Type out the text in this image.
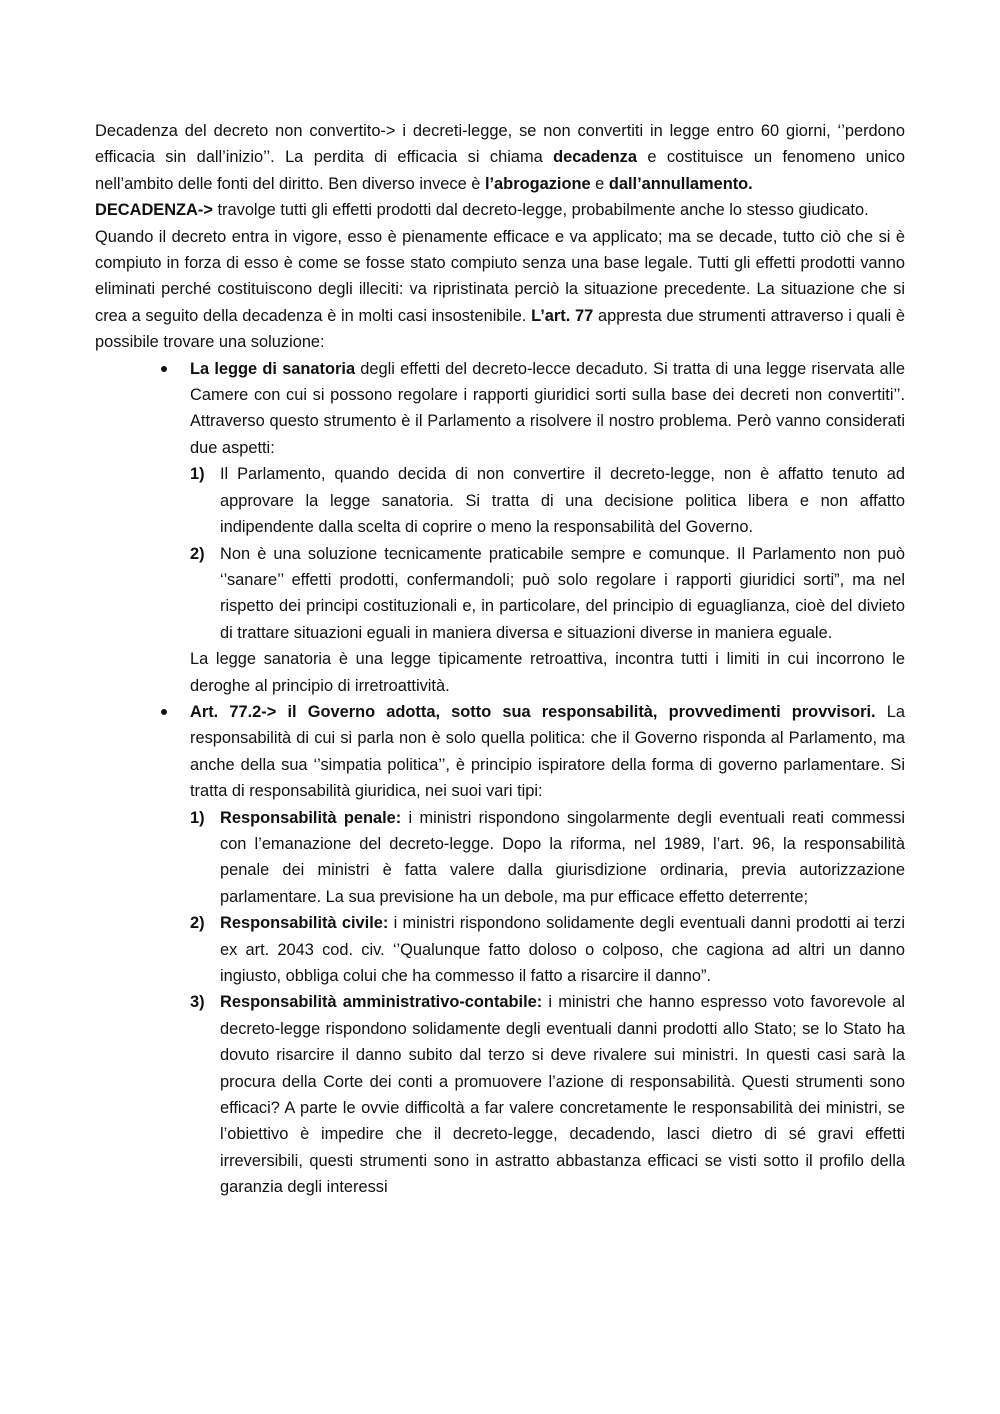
Decadenza del decreto non convertito-> i decreti-legge, se non convertiti in legge entro 60 giorni, ‘’perdono efficacia sin dall’inizio’’. La perdita di efficacia si chiama decadenza e costituisce un fenomeno unico nell’ambito delle fonti del diritto. Ben diverso invece è l’abrogazione e dall’annullamento.

DECADENZA-> travolge tutti gli effetti prodotti dal decreto-legge, probabilmente anche lo stesso giudicato.

Quando il decreto entra in vigore, esso è pienamente efficace e va applicato; ma se decade, tutto ciò che si è compiuto in forza di esso è come se fosse stato compiuto senza una base legale. Tutti gli effetti prodotti vanno eliminati perché costituiscono degli illeciti: va ripristinata perciò la situazione precedente. La situazione che si crea a seguito della decadenza è in molti casi insostenibile. L’art. 77 appresta due strumenti attraverso i quali è possibile trovare una soluzione:

La legge di sanatoria degli effetti del decreto-lecce decaduto. Si tratta di una legge riservata alle Camere con cui si possono regolare i rapporti giuridici sorti sulla base dei decreti non convertiti’’. Attraverso questo strumento è il Parlamento a risolvere il nostro problema. Però vanno considerati due aspetti:

1) Il Parlamento, quando decida di non convertire il decreto-legge, non è affatto tenuto ad approvare la legge sanatoria. Si tratta di una decisione politica libera e non affatto indipendente dalla scelta di coprire o meno la responsabilità del Governo.
2) Non è una soluzione tecnicamente praticabile sempre e comunque. Il Parlamento non può ‘’sanare’’ effetti prodotti, confermandoli; può solo regolare i rapporti giuridici sorti”, ma nel rispetto dei principi costituzionali e, in particolare, del principio di eguaglianza, cioè del divieto di trattare situazioni eguali in maniera diversa e situazioni diverse in maniera eguale.

La legge sanatoria è una legge tipicamente retroattiva, incontra tutti i limiti in cui incorrono le deroghe al principio di irretroattività.

Art. 77.2-> il Governo adotta, sotto sua responsabilità, provvedimenti provvisori. La responsabilità di cui si parla non è solo quella politica: che il Governo risponda al Parlamento, ma anche della sua ‘’simpatia politica’’, è principio ispiratore della forma di governo parlamentare. Si tratta di responsabilità giuridica, nei suoi vari tipi:

1) Responsabilità penale: i ministri rispondono singolarmente degli eventuali reati commessi con l’emanazione del decreto-legge. Dopo la riforma, nel 1989, l’art. 96, la responsabilità penale dei ministri è fatta valere dalla giurisdizione ordinaria, previa autorizzazione parlamentare. La sua previsione ha un debole, ma pur efficace effetto deterrente;
2) Responsabilità civile: i ministri rispondono solidamente degli eventuali danni prodotti ai terzi ex art. 2043 cod. civ. ‘’Qualunque fatto doloso o colposo, che cagiona ad altri un danno ingiusto, obbliga colui che ha commesso il fatto a risarcire il danno”.
3) Responsabilità amministrativo-contabile: i ministri che hanno espresso voto favorevole al decreto-legge rispondono solidamente degli eventuali danni prodotti allo Stato; se lo Stato ha dovuto risarcire il danno subito dal terzo si deve rivalere sui ministri. In questi casi sarà la procura della Corte dei conti a promuovere l’azione di responsabilità. Questi strumenti sono efficaci? A parte le ovvie difficoltà a far valere concretamente le responsabilità dei ministri, se l’obiettivo è impedire che il decreto-legge, decadendo, lasci dietro di sé gravi effetti irreversibili, questi strumenti sono in astratto abbastanza efficaci se visti sotto il profilo della garanzia degli interessi
